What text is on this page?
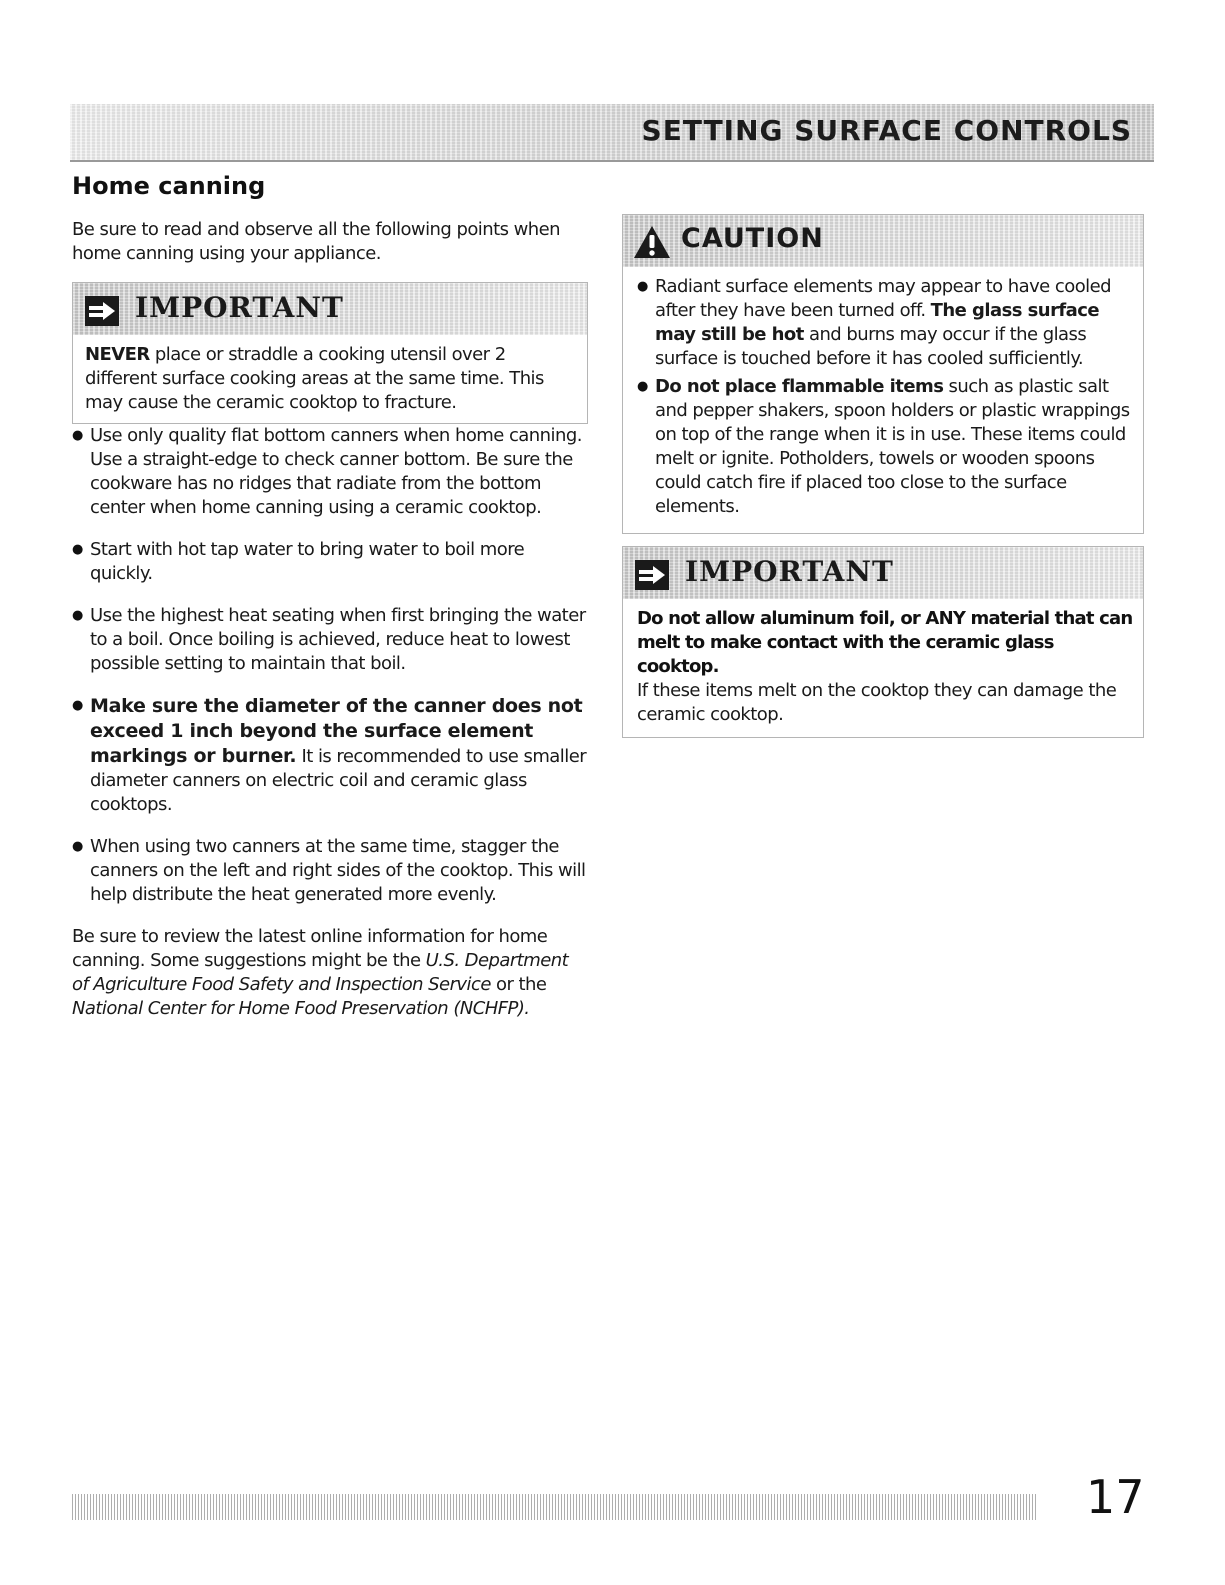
SETTING SURFACE CONTROLS
Home canning

Be sure to read and observe all the following points when home canning using your appliance.

IMPORTANT

NEVER place or straddle a cooking utensil over 2 different surface cooking areas at the same time. This may cause the ceramic cooktop to fracture.

● Use only quality flat bottom canners when home canning. Use a straight-edge to check canner bottom. Be sure the cookware has no ridges that radiate from the bottom center when home canning using a ceramic cooktop.
● Start with hot tap water to bring water to boil more quickly.
● Use the highest heat seating when first bringing the water to a boil. Once boiling is achieved, reduce heat to lowest possible setting to maintain that boil.
● Make sure the diameter of the canner does not exceed 1 inch beyond the surface element markings or burner. It is recommended to use smaller diameter canners on electric coil and ceramic glass cooktops.
● When using two canners at the same time, stagger the canners on the left and right sides of the cooktop. This will help distribute the heat generated more evenly.

Be sure to review the latest online information for home canning. Some suggestions might be the U.S. Department of Agriculture Food Safety and Inspection Service or the National Center for Home Food Preservation (NCHFP).

CAUTION
● Radiant surface elements may appear to have cooled after they have been turned off. The glass surface may still be hot and burns may occur if the glass surface is touched before it has cooled sufficiently.
● Do not place flammable items such as plastic salt and pepper shakers, spoon holders or plastic wrappings on top of the range when it is in use. These items could melt or ignite. Potholders, towels or wooden spoons could catch fire if placed too close to the surface elements.
IMPORTANT

Do not allow aluminum foil, or ANY material that can melt to make contact with the ceramic glass cooktop.

If these items melt on the cooktop they can damage the ceramic cooktop.

17
